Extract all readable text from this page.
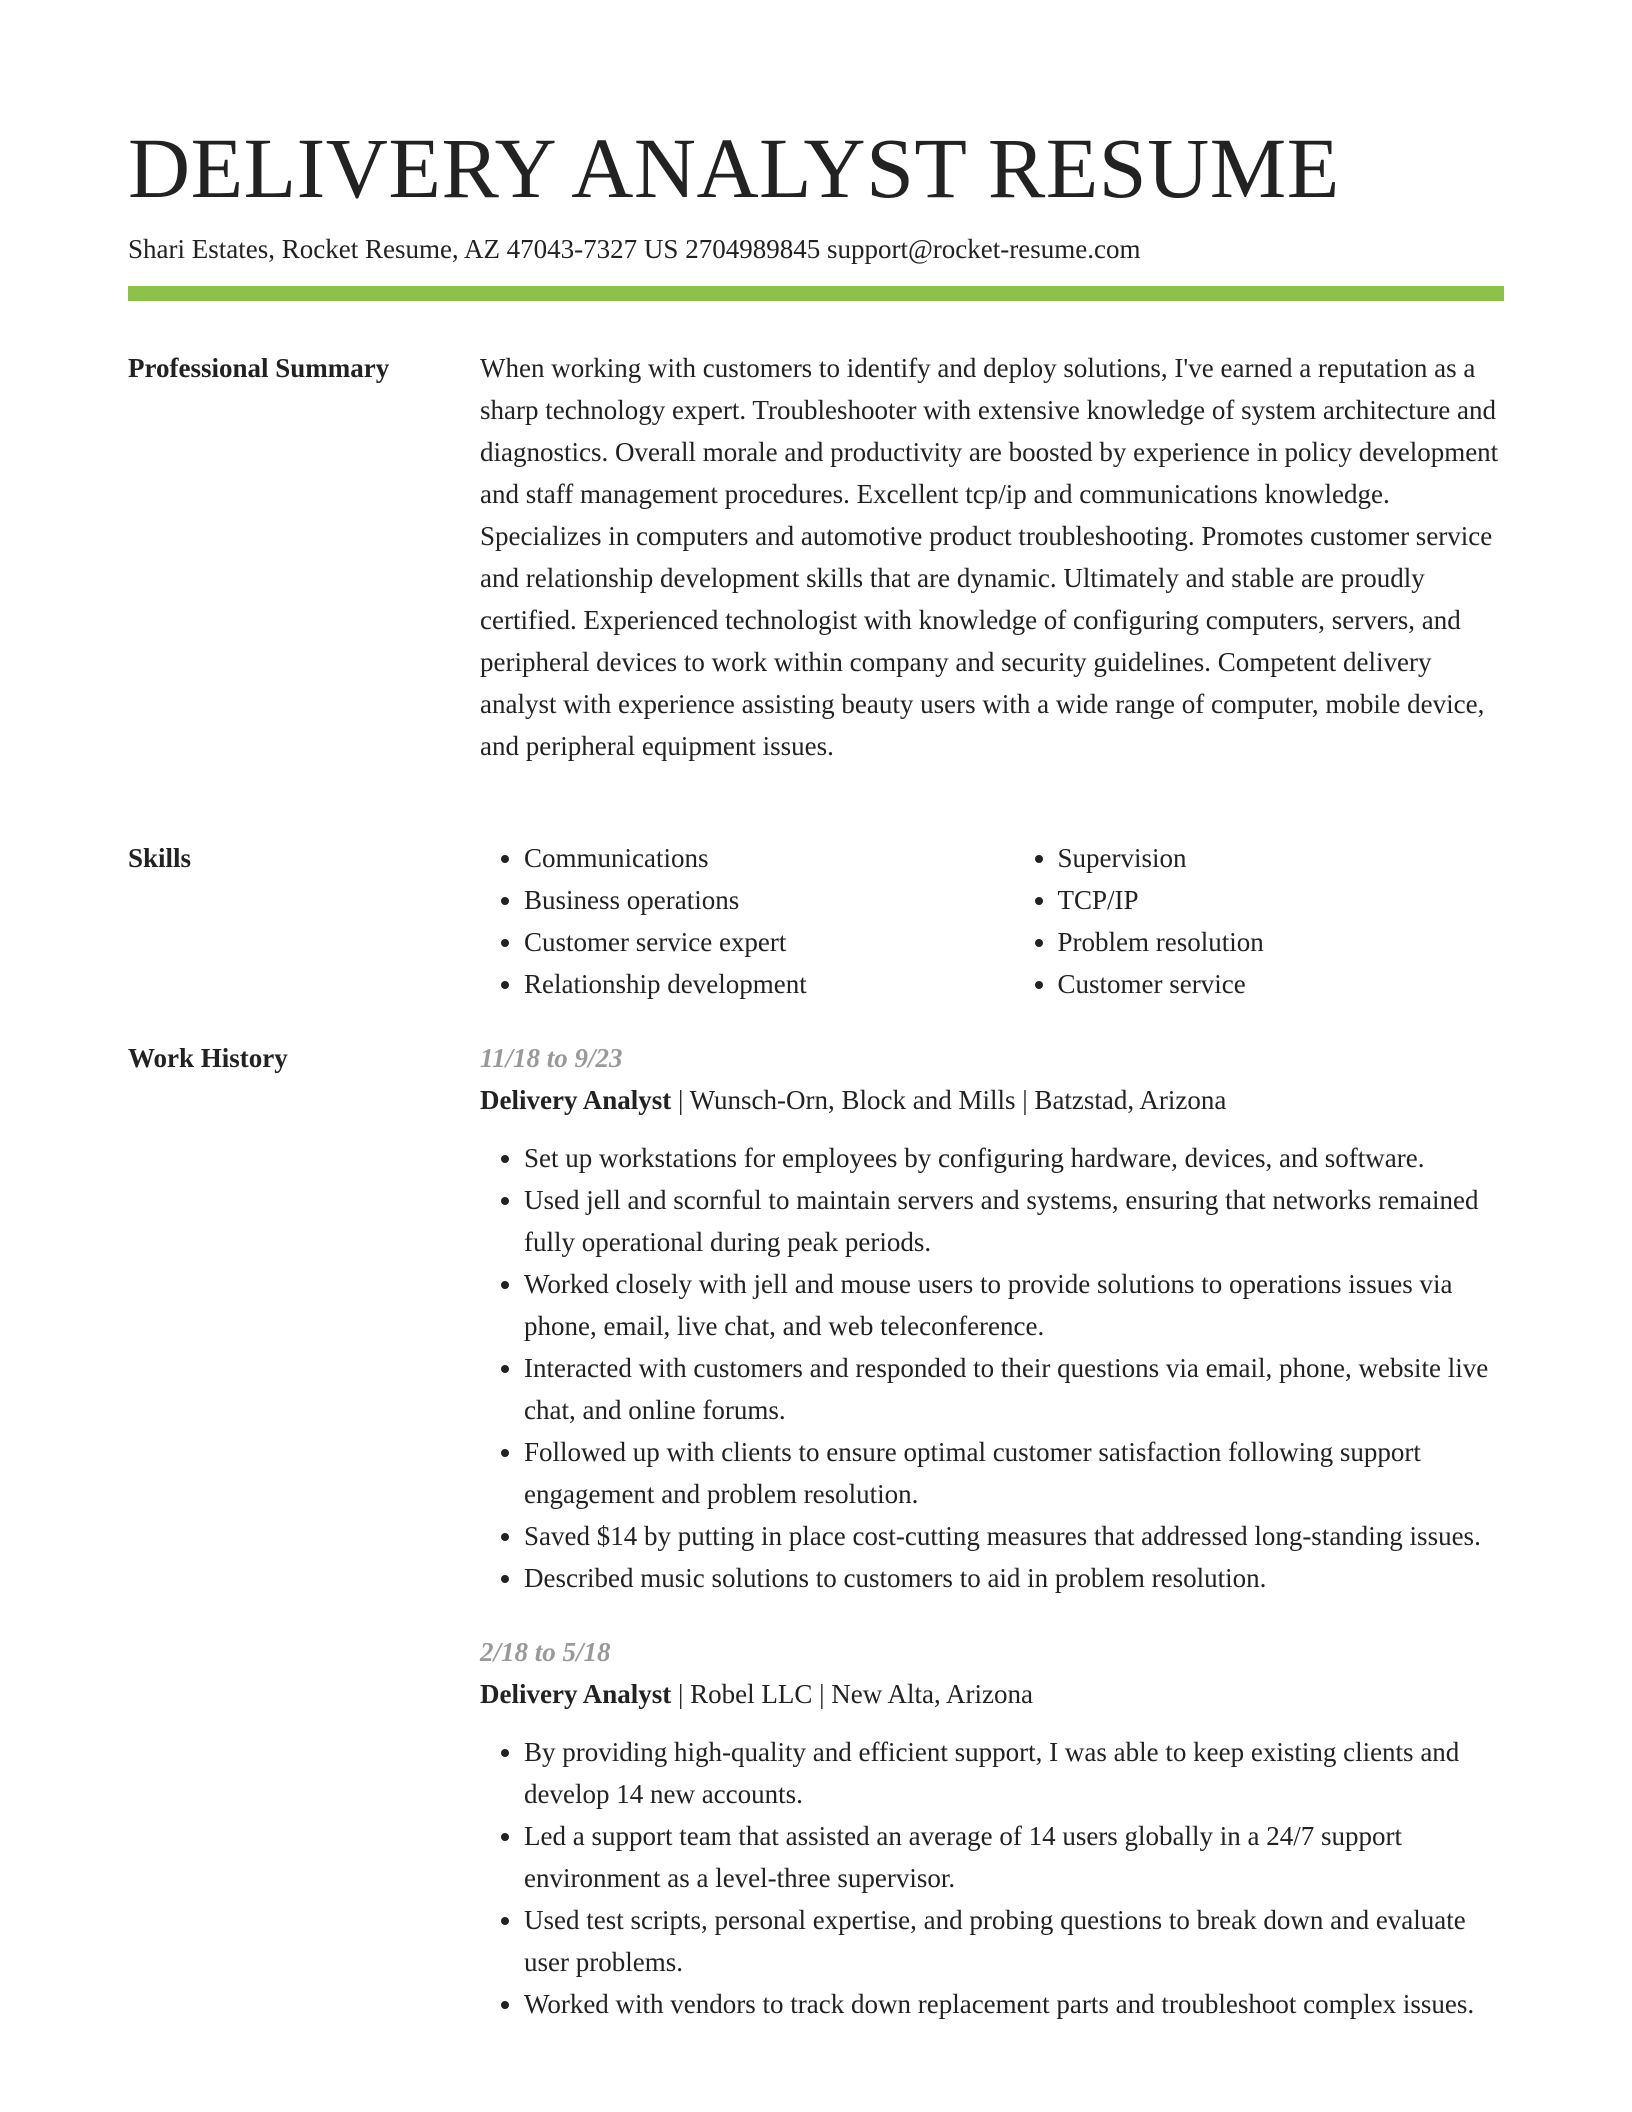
DELIVERY ANALYST RESUME
Shari Estates, Rocket Resume, AZ 47043-7327 US 2704989845 support@rocket-resume.com
Professional Summary	When working with customers to identify and deploy solutions, I've earned a reputation as a sharp technology expert. Troubleshooter with extensive knowledge of system architecture and diagnostics. Overall morale and productivity are boosted by experience in policy development and staff management procedures. Excellent tcp/ip and communications knowledge. Specializes in computers and automotive product troubleshooting. Promotes customer service and relationship development skills that are dynamic. Ultimately and stable are proudly certified. Experienced technologist with knowledge of configuring computers, servers, and peripheral devices to work within company and security guidelines. Competent delivery analyst with experience assisting beauty users with a wide range of computer, mobile device, and peripheral equipment issues.

Skills
•	Communications
• Business operations
• Customer service expert
• Relationship development
• Supervision
• TCP/IP
• Problem resolution
• Customer service
Work History	11/18 to 9/23
Delivery Analyst | Wunsch-Orn, Block and Mills | Batzstad, Arizona
• Set up workstations for employees by configuring hardware, devices, and software.
• Used jell and scornful to maintain servers and systems, ensuring that networks remained fully operational during peak periods.
• Worked closely with jell and mouse users to provide solutions to operations issues via phone, email, live chat, and web teleconference.
• Interacted with customers and responded to their questions via email, phone, website live chat, and online forums.
• Followed up with clients to ensure optimal customer satisfaction following support engagement and problem resolution.
• Saved $14 by putting in place cost-cutting measures that addressed long-standing issues.
• Described music solutions to customers to aid in problem resolution.
2/18 to 5/18
Delivery Analyst | Robel LLC | New Alta, Arizona
• By providing high-quality and efficient support, I was able to keep existing clients and develop 14 new accounts.
• Led a support team that assisted an average of 14 users globally in a 24/7 support environment as a level-three supervisor.
• Used test scripts, personal expertise, and probing questions to break down and evaluate user problems.
• Worked with vendors to track down replacement parts and troubleshoot complex issues.
